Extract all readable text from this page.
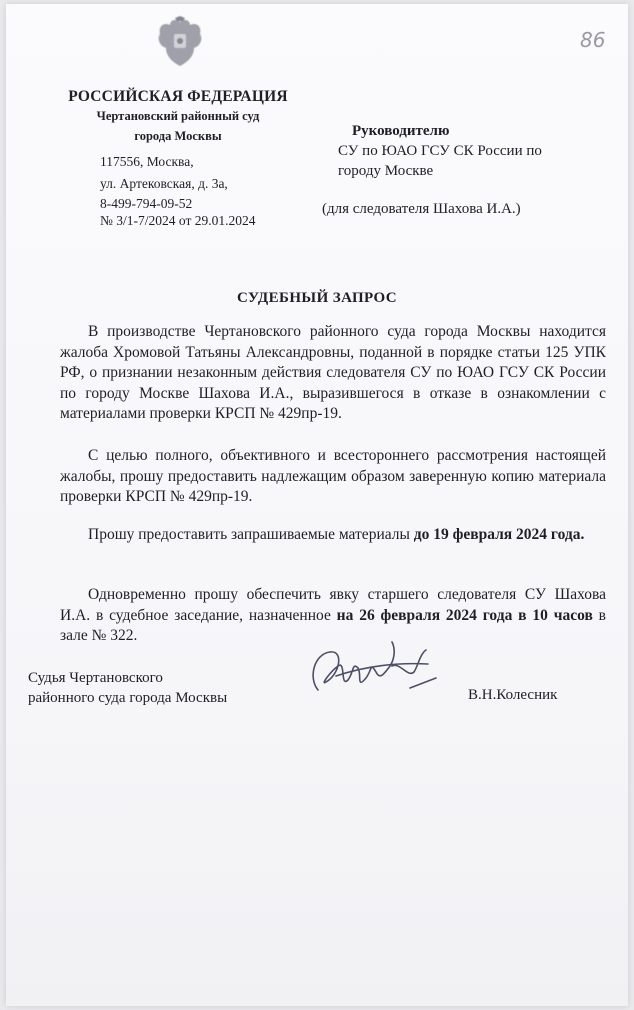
86
РОССИЙСКАЯ ФЕДЕРАЦИЯ
Чертановский районный суд
города Москвы
117556, Москва,
ул. Артековская, д. 3а,
8-499-794-09-52
№ 3/1-7/2024 от 29.01.2024
Руководителю
СУ по ЮАО ГСУ СК России по
городу Москве
(для следователя Шахова И.А.)
СУДЕБНЫЙ ЗАПРОС
В производстве Чертановского районного суда города Москвы находится жалоба Хромовой Татьяны Александровны, поданной в порядке статьи 125 УПК РФ, о признании незаконным действия следователя СУ по ЮАО ГСУ СК России по городу Москве Шахова И.А., выразившегося в отказе в ознакомлении с материалами проверки КРСП № 429пр-19.
С целью полного, объективного и всестороннего рассмотрения настоящей жалобы, прошу предоставить надлежащим образом заверенную копию материала проверки КРСП № 429пр-19.
Прошу предоставить запрашиваемые материалы до 19 февраля 2024 года.
Одновременно прошу обеспечить явку старшего следователя СУ Шахова И.А. в судебное заседание, назначенное на 26 февраля 2024 года в 10 часов в зале № 322.
Судья Чертановского
районного суда города Москвы	В.Н.Колесник
